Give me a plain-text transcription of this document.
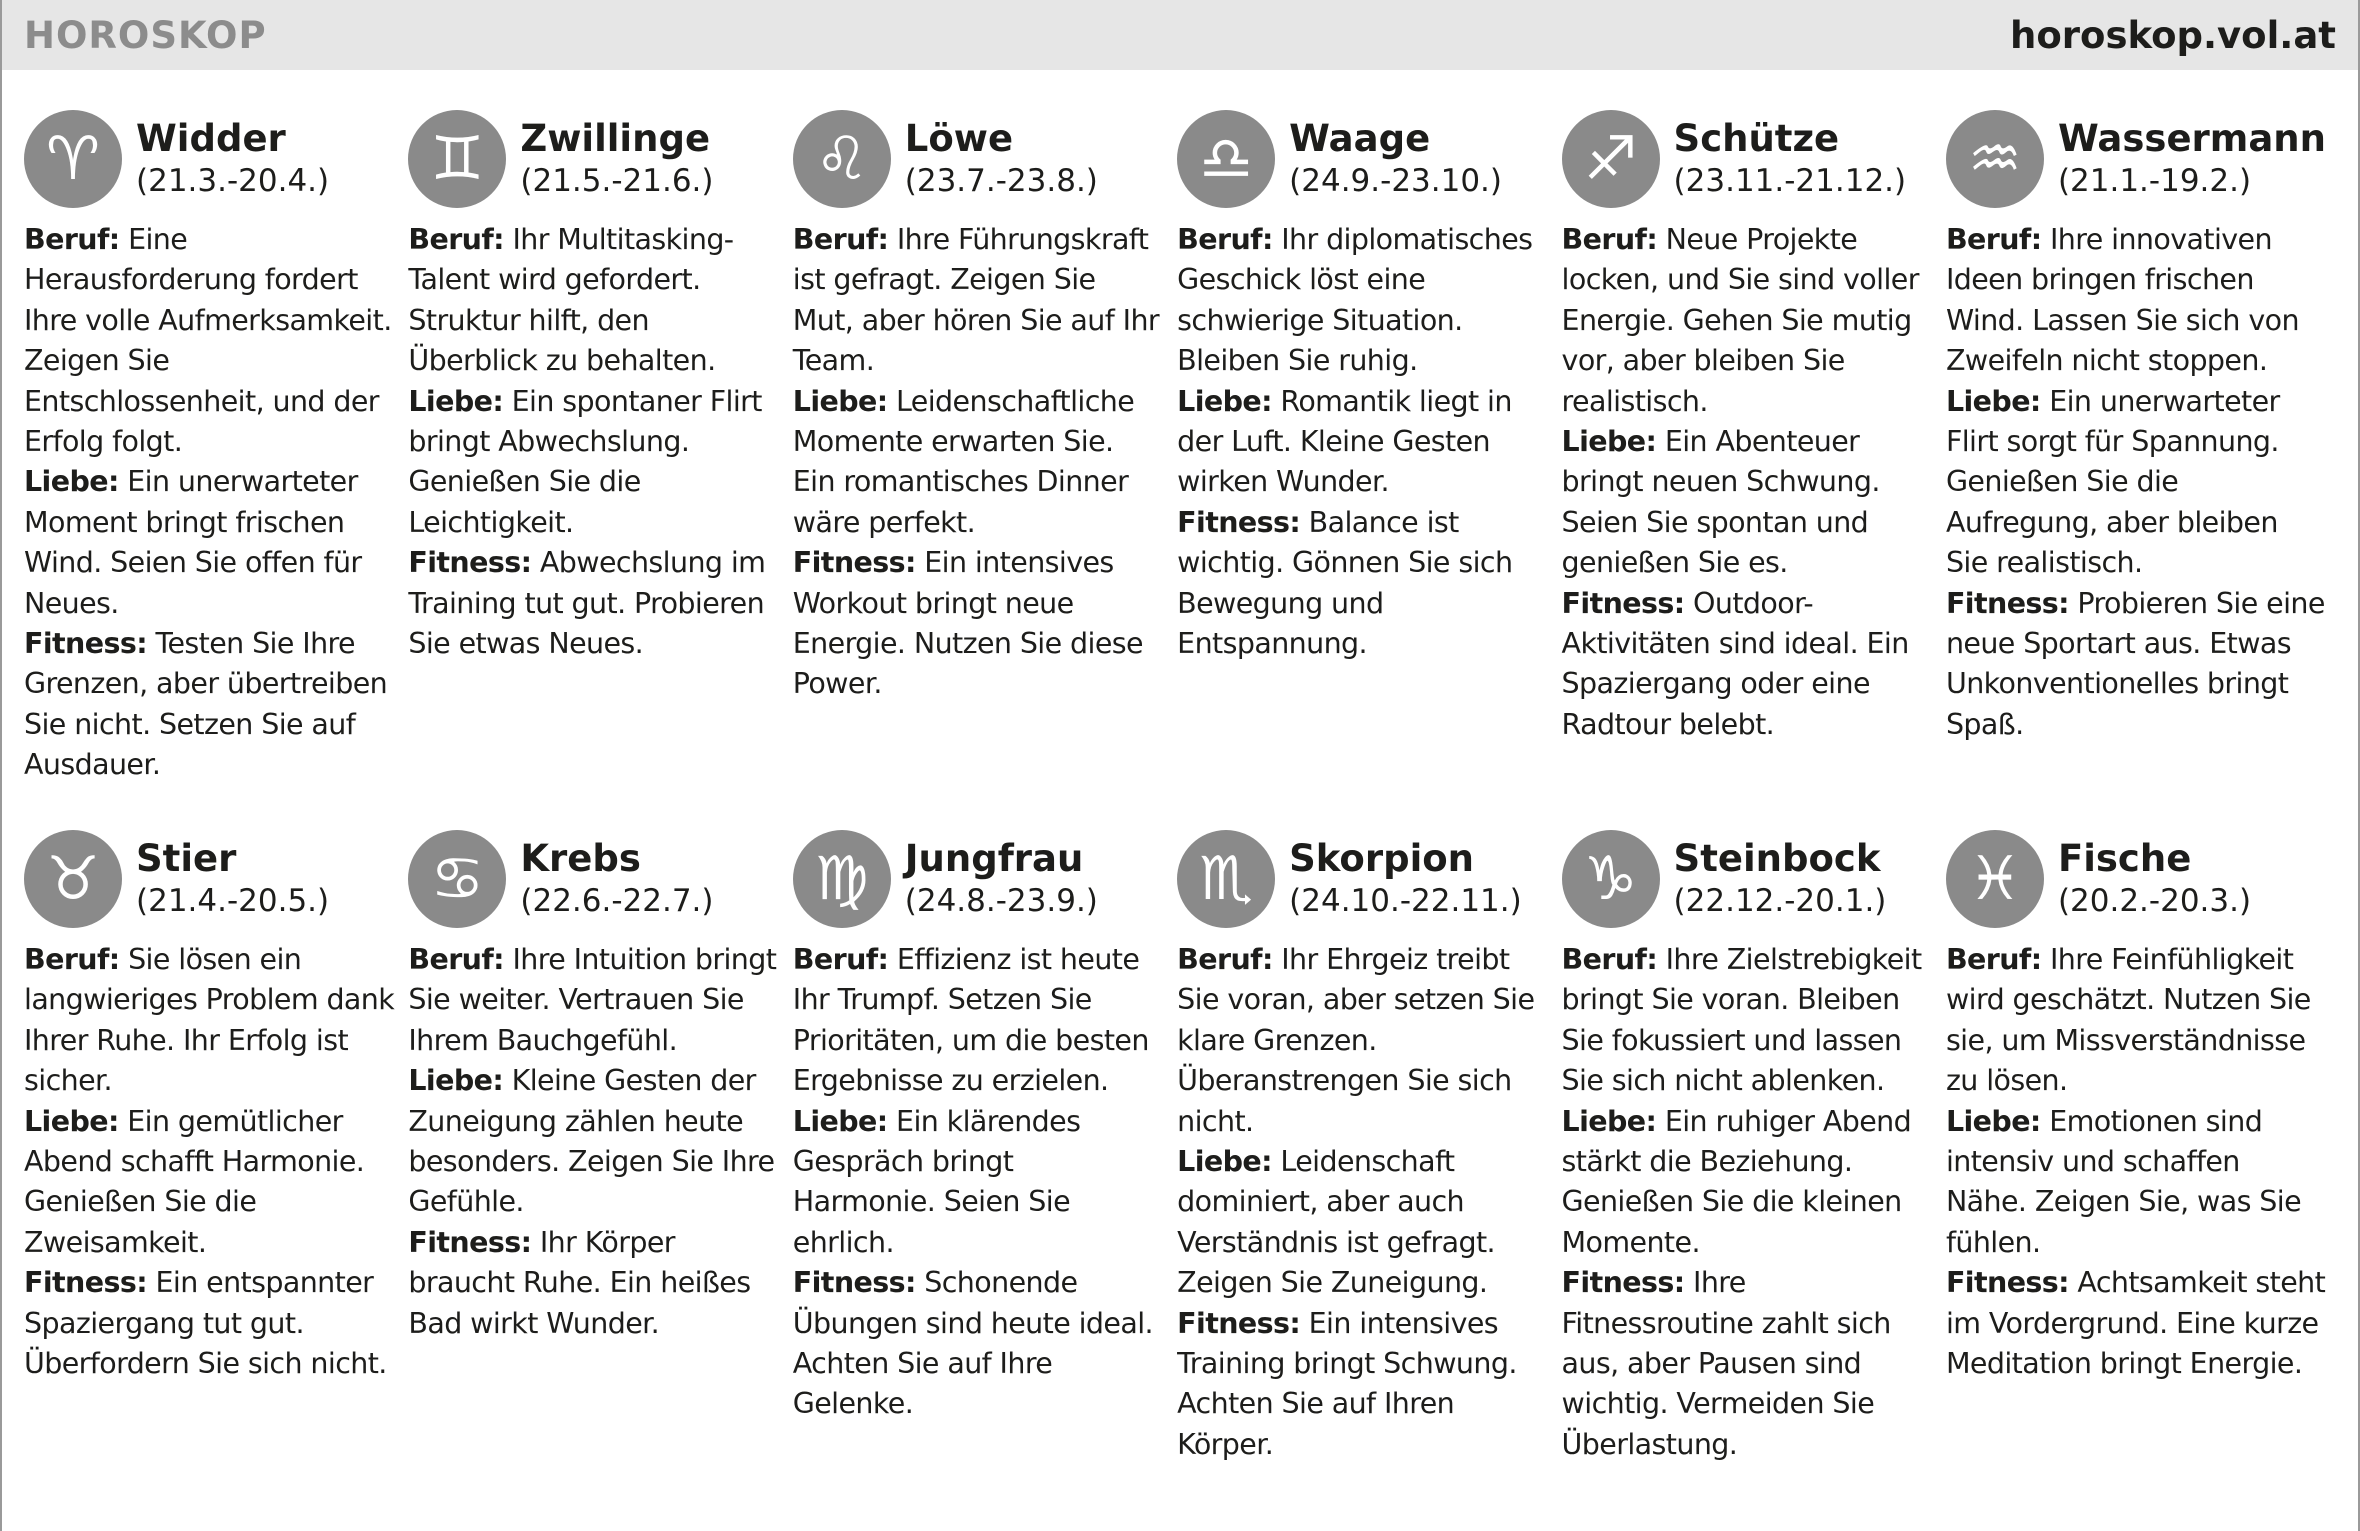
HOROSKOP	horoskop.vol.at
♈ Widder
(21.3.-20.4.)
Beruf: Eine Herausforderung fordert Ihre volle Aufmerksamkeit. Zeigen Sie Entschlossenheit, und der Erfolg folgt.
Liebe: Ein unerwarteter Moment bringt frischen Wind. Seien Sie offen für Neues.
Fitness: Testen Sie Ihre Grenzen, aber übertreiben Sie nicht. Setzen Sie auf Ausdauer.
♊ Zwillinge
(21.5.-21.6.)
Beruf: Ihr Multitasking-Talent wird gefordert. Struktur hilft, den Überblick zu behalten.
Liebe: Ein spontaner Flirt bringt Abwechslung. Genießen Sie die Leichtigkeit.
Fitness: Abwechslung im Training tut gut. Probieren Sie etwas Neues.
♌ Löwe
(23.7.-23.8.)
Beruf: Ihre Führungskraft ist gefragt. Zeigen Sie Mut, aber hören Sie auf Ihr Team.
Liebe: Leidenschaftliche Momente erwarten Sie. Ein romantisches Dinner wäre perfekt.
Fitness: Ein intensives Workout bringt neue Energie. Nutzen Sie diese Power.
♎ Waage
(24.9.-23.10.)
Beruf: Ihr diplomatisches Geschick löst eine schwierige Situation. Bleiben Sie ruhig.
Liebe: Romantik liegt in der Luft. Kleine Gesten wirken Wunder.
Fitness: Balance ist wichtig. Gönnen Sie sich Bewegung und Entspannung.
♐ Schütze
(23.11.-21.12.)
Beruf: Neue Projekte locken, und Sie sind voller Energie. Gehen Sie mutig vor, aber bleiben Sie realistisch.
Liebe: Ein Abenteuer bringt neuen Schwung. Seien Sie spontan und genießen Sie es.
Fitness: Outdoor-Aktivitäten sind ideal. Ein Spaziergang oder eine Radtour belebt.
♒ Wassermann
(21.1.-19.2.)
Beruf: Ihre innovativen Ideen bringen frischen Wind. Lassen Sie sich von Zweifeln nicht stoppen.
Liebe: Ein unerwarteter Flirt sorgt für Spannung. Genießen Sie die Aufregung, aber bleiben Sie realistisch.
Fitness: Probieren Sie eine neue Sportart aus. Etwas Unkonventionelles bringt Spaß.
♉ Stier
(21.4.-20.5.)
Beruf: Sie lösen ein langwieriges Problem dank Ihrer Ruhe. Ihr Erfolg ist sicher.
Liebe: Ein gemütlicher Abend schafft Harmonie. Genießen Sie die Zweisamkeit.
Fitness: Ein entspannter Spaziergang tut gut. Überfordern Sie sich nicht.
♋ Krebs
(22.6.-22.7.)
Beruf: Ihre Intuition bringt Sie weiter. Vertrauen Sie Ihrem Bauchgefühl.
Liebe: Kleine Gesten der Zuneigung zählen heute besonders. Zeigen Sie Ihre Gefühle.
Fitness: Ihr Körper braucht Ruhe. Ein heißes Bad wirkt Wunder.
♍ Jungfrau
(24.8.-23.9.)
Beruf: Effizienz ist heute Ihr Trumpf. Setzen Sie Prioritäten, um die besten Ergebnisse zu erzielen.
Liebe: Ein klärendes Gespräch bringt Harmonie. Seien Sie ehrlich.
Fitness: Schonende Übungen sind heute ideal. Achten Sie auf Ihre Gelenke.
♏ Skorpion
(24.10.-22.11.)
Beruf: Ihr Ehrgeiz treibt Sie voran, aber setzen Sie klare Grenzen. Überanstrengen Sie sich nicht.
Liebe: Leidenschaft dominiert, aber auch Verständnis ist gefragt. Zeigen Sie Zuneigung.
Fitness: Ein intensives Training bringt Schwung. Achten Sie auf Ihren Körper.
♑ Steinbock
(22.12.-20.1.)
Beruf: Ihre Zielstrebigkeit bringt Sie voran. Bleiben Sie fokussiert und lassen Sie sich nicht ablenken.
Liebe: Ein ruhiger Abend stärkt die Beziehung. Genießen Sie die kleinen Momente.
Fitness: Ihre Fitnessroutine zahlt sich aus, aber Pausen sind wichtig. Vermeiden Sie Überlastung.
♓ Fische
(20.2.-20.3.)
Beruf: Ihre Feinfühligkeit wird geschätzt. Nutzen Sie sie, um Missverständnisse zu lösen.
Liebe: Emotionen sind intensiv und schaffen Nähe. Zeigen Sie, was Sie fühlen.
Fitness: Achtsamkeit steht im Vordergrund. Eine kurze Meditation bringt Energie.
